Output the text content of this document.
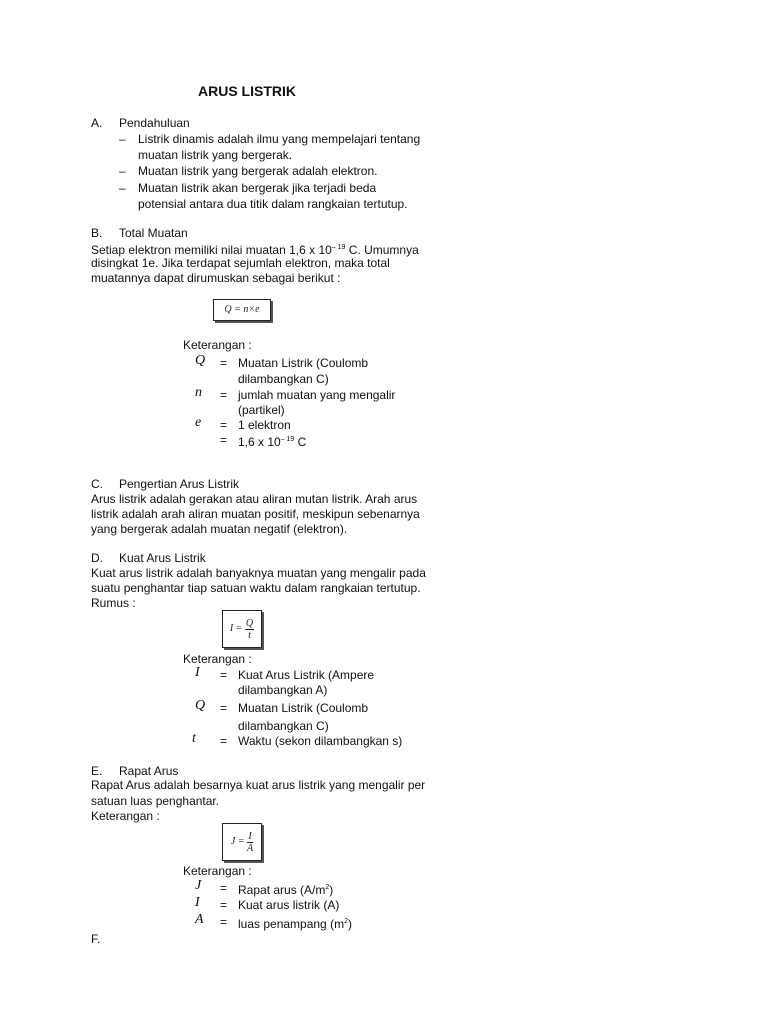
ARUS LISTRIK
A. Pendahuluan
– Listrik dinamis adalah ilmu yang mempelajari tentang
muatan listrik yang bergerak.
– Muatan listrik yang bergerak adalah elektron.
– Muatan listrik akan bergerak jika terjadi beda
potensial antara dua titik dalam rangkaian tertutup.
B. Total Muatan
Setiap elektron memiliki nilai muatan 1,6 x $10^{- 19}$ C. Umumnya
disingkat 1e. Jika terdapat sejumlah elektron, maka total
muatannya dapat dirumuskan sebagai berikut :
Q = n×e
Keterangan :
Q = Muatan Listrik (Coulomb
dilambangkan C)
n = jumlah muatan yang mengalir
(partikel)
e = 1 elektron
= 1,6 x $10^{- 19}$ C
C. Pengertian Arus Listrik
Arus listrik adalah gerakan atau aliran mutan listrik. Arah arus
listrik adalah arah aliran muatan positif, meskipun sebenarnya
yang bergerak adalah muatan negatif (elektron).
D. Kuat Arus Listrik
Kuat arus listrik adalah banyaknya muatan yang mengalir pada
suatu penghantar tiap satuan waktu dalam rangkaian tertutup.
Rumus :
I =
$\frac{Q}{t}$
Keterangan :
I = Kuat Arus Listrik (Ampere
dilambangkan A)
Q = Muatan Listrik (Coulomb
dilambangkan C)
t = Waktu (sekon dilambangkan s)
E. Rapat Arus
Rapat Arus adalah besarnya kuat arus listrik yang mengalir per
satuan luas penghantar.
Keterangan :
J =
$\frac{I}{A}$
Keterangan :
J = Rapat arus $(A/m^2)$
I = Kuat arus listrik (A)
A = luas penampang $(m^2)$
F.
